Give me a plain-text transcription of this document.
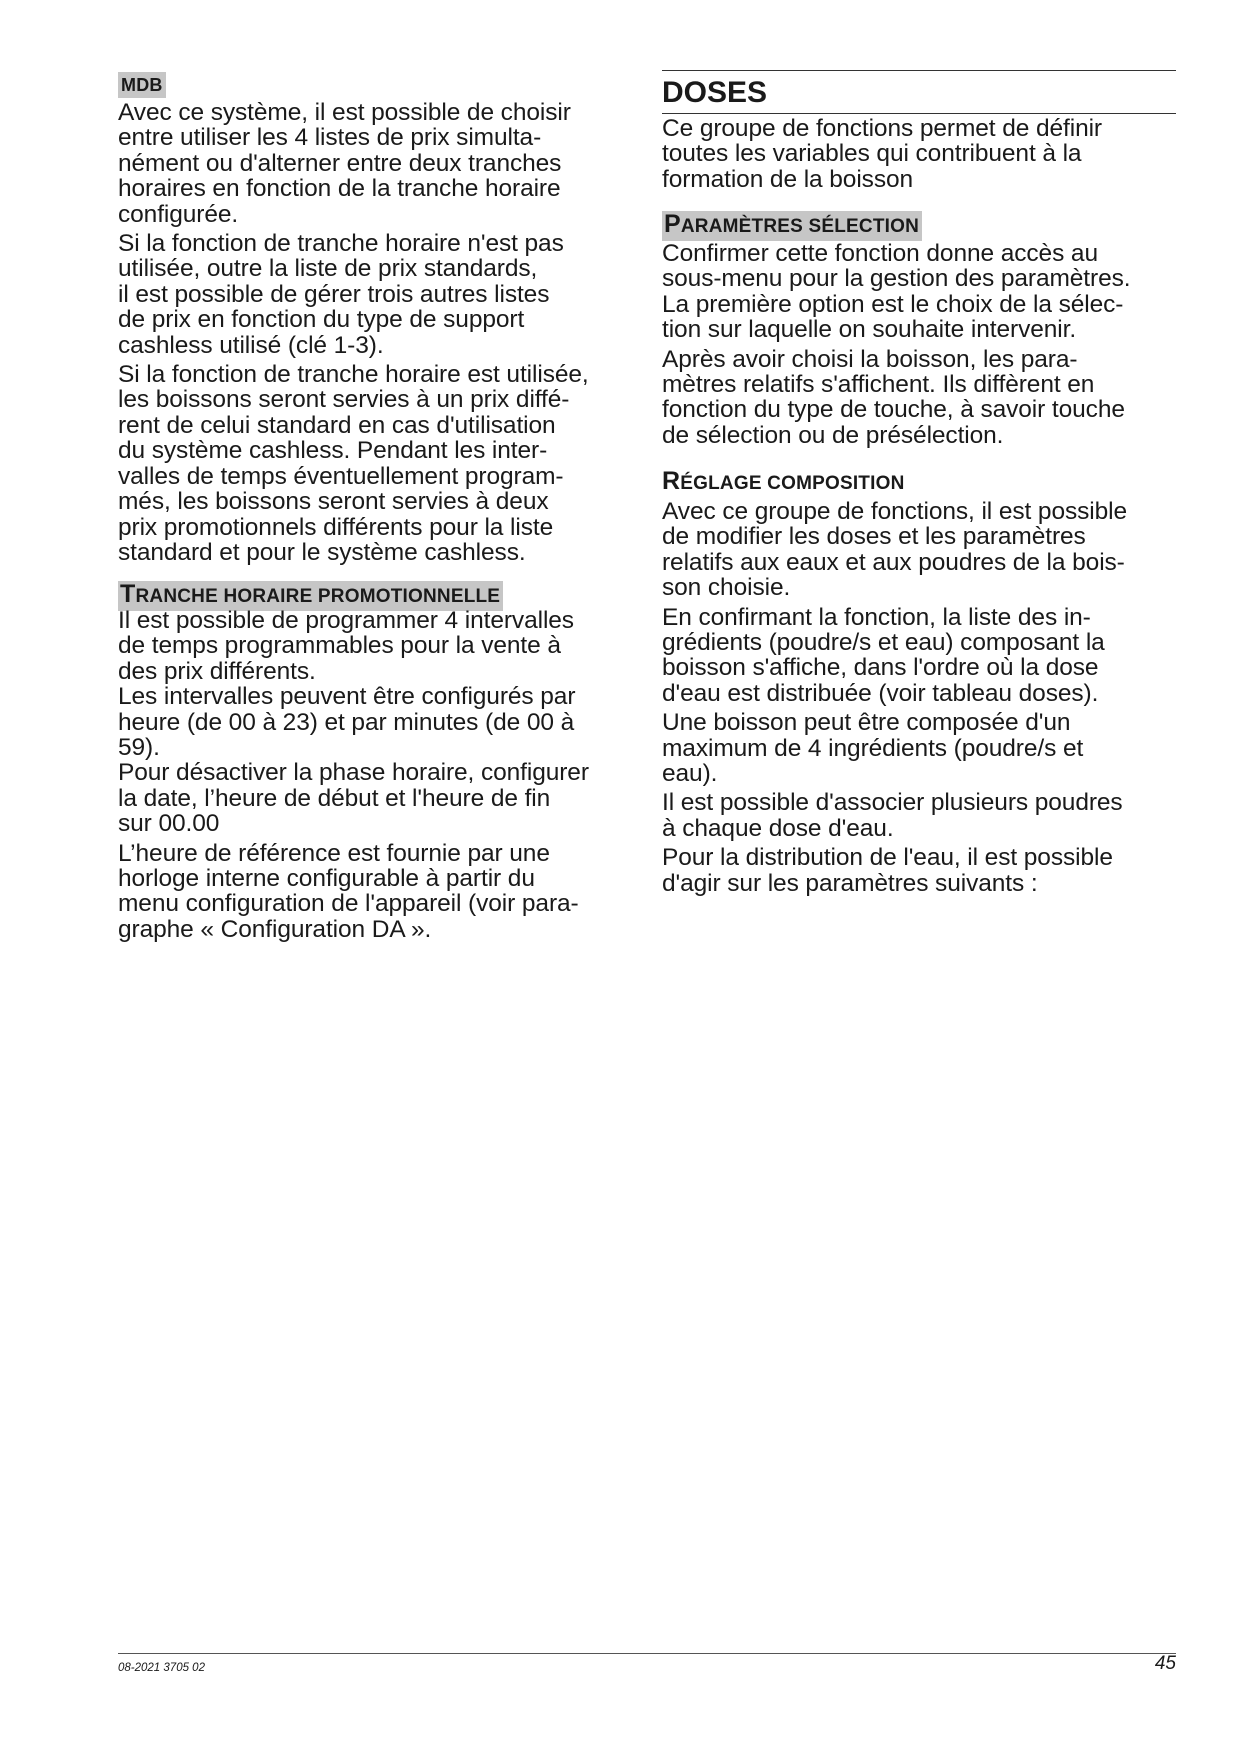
MDB

Avec ce système, il est possible de choisir
entre utiliser les 4 listes de prix simulta-
nément ou d'alterner entre deux tranches
horaires en fonction de la tranche horaire
configurée.

Si la fonction de tranche horaire n'est pas
utilisée, outre la liste de prix standards,
il est possible de gérer trois autres listes
de prix en fonction du type de support
cashless utilisé (clé 1-3).

Si la fonction de tranche horaire est utilisée,
les boissons seront servies à un prix diffé-
rent de celui standard en cas d'utilisation
du système cashless. Pendant les inter-
valles de temps éventuellement program-
més, les boissons seront servies à deux
prix promotionnels différents pour la liste
standard et pour le système cashless.

TRANCHE HORAIRE PROMOTIONNELLE

Il est possible de programmer 4 intervalles
de temps programmables pour la vente à
des prix différents.
Les intervalles peuvent être configurés par
heure (de 00 à 23) et par minutes (de 00 à
59).
Pour désactiver la phase horaire, configurer
la date, l’heure de début et l'heure de fin
sur 00.00

L’heure de référence est fournie par une
horloge interne configurable à partir du
menu configuration de l'appareil (voir para-
graphe « Configuration DA ».

DOSES

Ce groupe de fonctions permet de définir
toutes les variables qui contribuent à la
formation de la boisson

PARAMÈTRES SÉLECTION

Confirmer cette fonction donne accès au
sous-menu pour la gestion des paramètres.
La première option est le choix de la sélec-
tion sur laquelle on souhaite intervenir.

Après avoir choisi la boisson, les para-
mètres relatifs s'affichent. Ils diffèrent en
fonction du type de touche, à savoir touche
de sélection ou de présélection.

RÉGLAGE COMPOSITION

Avec ce groupe de fonctions, il est possible
de modifier les doses et les paramètres
relatifs aux eaux et aux poudres de la bois-
son choisie.

En confirmant la fonction, la liste des in-
grédients (poudre/s et eau) composant la
boisson s'affiche, dans l'ordre où la dose
d'eau est distribuée (voir tableau doses).

Une boisson peut être composée d'un
maximum de 4 ingrédients (poudre/s et
eau).

Il est possible d'associer plusieurs poudres
à chaque dose d'eau.

Pour la distribution de l'eau, il est possible
d'agir sur les paramètres suivants :

08-2021 3705 02	45
